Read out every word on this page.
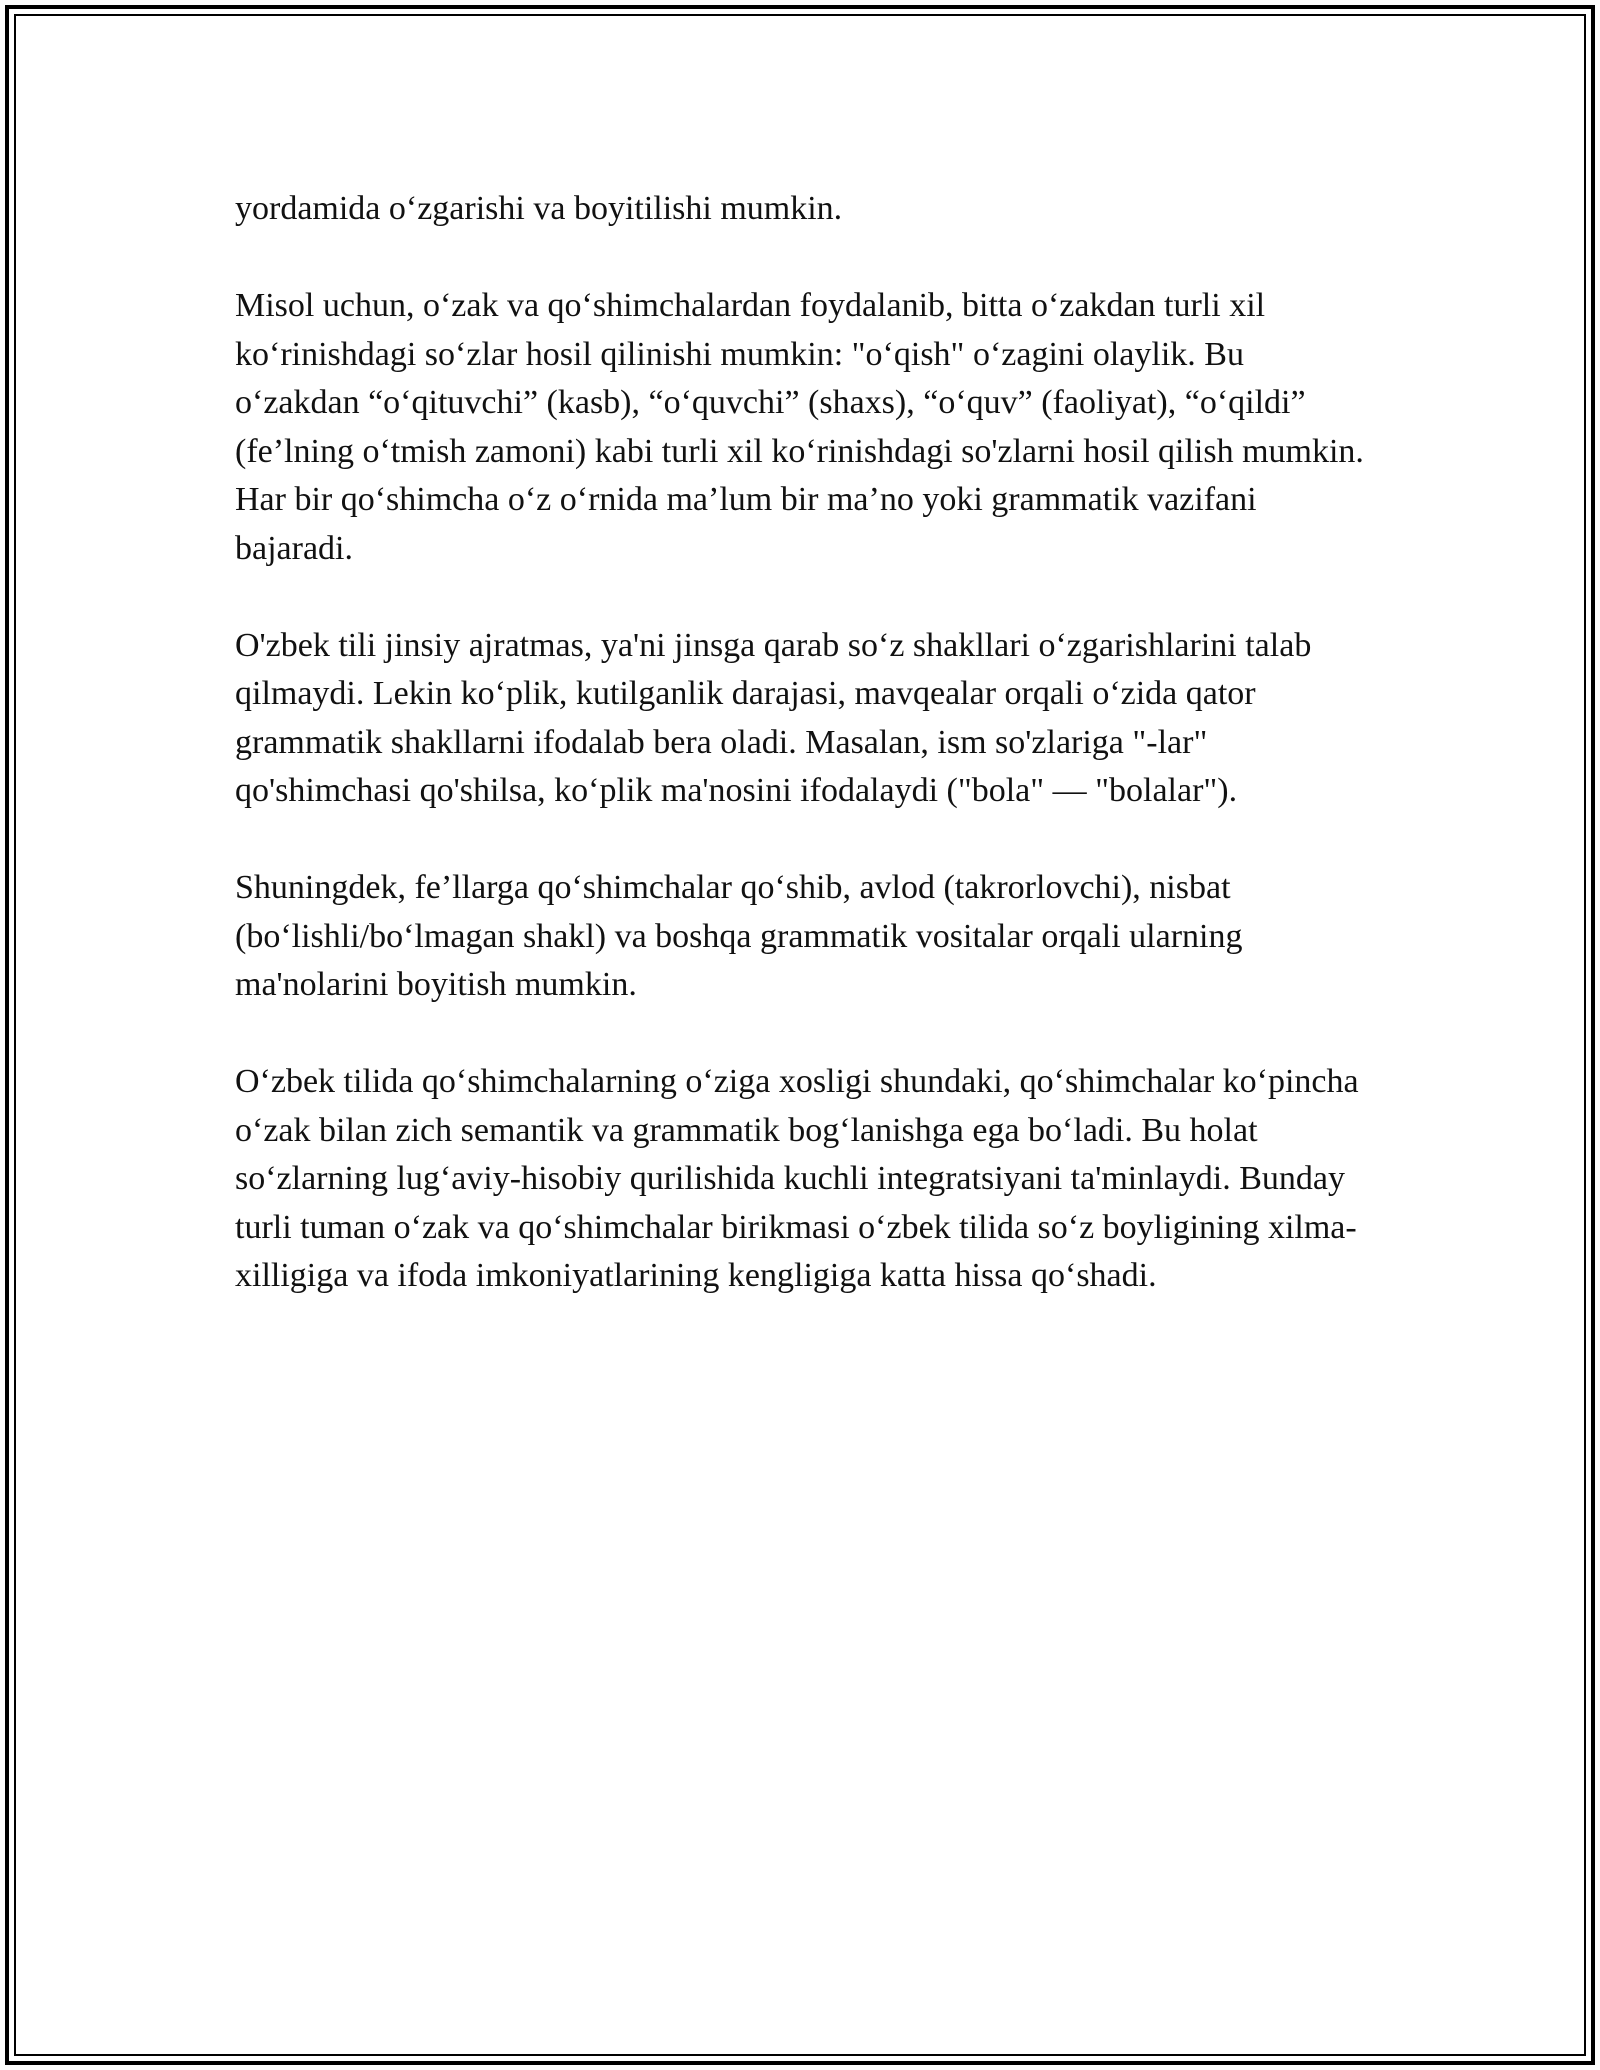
yordamida o‘zgarishi va boyitilishi mumkin.

Misol uchun, o‘zak va qo‘shimchalardan foydalanib, bitta o‘zakdan turli xil ko‘rinishdagi so‘zlar hosil qilinishi mumkin: "o‘qish" o‘zagini olaylik. Bu o‘zakdan “o‘qituvchi” (kasb), “o‘quvchi” (shaxs), “o‘quv” (faoliyat), “o‘qildi” (fe’lning o‘tmish zamoni) kabi turli xil ko‘rinishdagi so'zlarni hosil qilish mumkin. Har bir qo‘shimcha o‘z o‘rnida ma’lum bir ma’no yoki grammatik vazifani bajaradi.

O'zbek tili jinsiy ajratmas, ya'ni jinsga qarab so‘z shakllari o‘zgarishlarini talab qilmaydi. Lekin ko‘plik, kutilganlik darajasi, mavqealar orqali o‘zida qator grammatik shakllarni ifodalab bera oladi. Masalan, ism so'zlariga "-lar" qo'shimchasi qo'shilsa, ko‘plik ma'nosini ifodalaydi ("bola" — "bolalar").

Shuningdek, fe’llarga qo‘shimchalar qo‘shib, avlod (takrorlovchi), nisbat (bo‘lishli/bo‘lmagan shakl) va boshqa grammatik vositalar orqali ularning ma'nolarini boyitish mumkin.

O‘zbek tilida qo‘shimchalarning o‘ziga xosligi shundaki, qo‘shimchalar ko‘pincha o‘zak bilan zich semantik va grammatik bog‘lanishga ega bo‘ladi. Bu holat so‘zlarning lug‘aviy-hisobiy qurilishida kuchli integratsiyani ta'minlaydi. Bunday turli tuman o‘zak va qo‘shimchalar birikmasi o‘zbek tilida so‘z boyligining xilma-xilligiga va ifoda imkoniyatlarining kengligiga katta hissa qo‘shadi.
